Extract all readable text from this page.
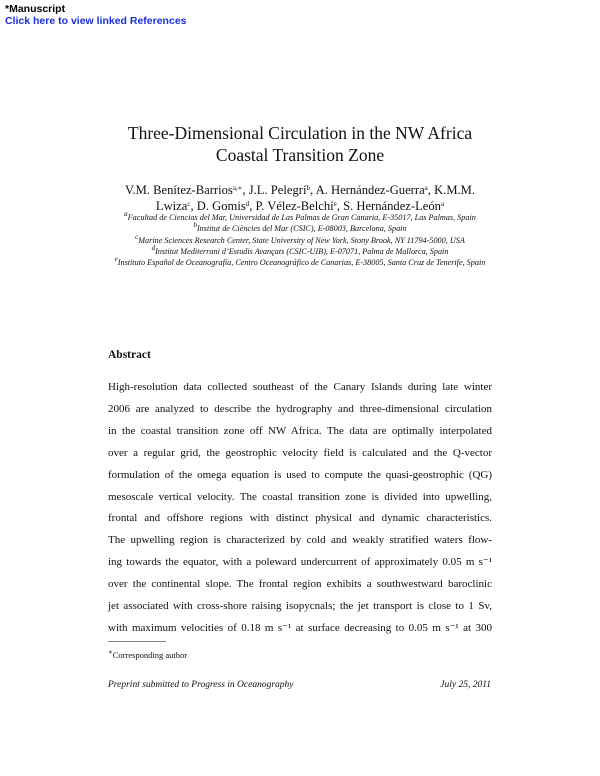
*Manuscript
Click here to view linked References
Three-Dimensional Circulation in the NW Africa
Coastal Transition Zone
V.M. Benítez-Barrios$^{a,∗}$, J.L. Pelegrí$^b$, A. Hernández-Guerra$^a$, K.M.M. Lwiza$^c$, D. Gomis$^d$, P. Vélez-Belchí$^e$, S. Hernández-León$^a$

$^a$Facultad de Ciencias del Mar, Universidad de Las Palmas de Gran Canaria, E-35017, Las Palmas, Spain

$^b$Institut de Ciències del Mar (CSIC), E-08003, Barcelona, Spain

$^c$Marine Sciences Research Center, State University of New York, Stony Brook, NY 11794-5000, USA

$^d$Institut Mediterrani d’Estudis Avançats (CSIC-UIB), E-07071, Palma de Mallorca, Spain

$^e$Instituto Español de Oceanografía, Centro Oceanográfico de Canarias, E-38005, Santa Cruz de Tenerife, Spain

Abstract
High-resolution data collected southeast of the Canary Islands during late winter
2006 are analyzed to describe the hydrography and three-dimensional circulation
in the coastal transition zone off NW Africa. The data are optimally interpolated
over a regular grid, the geostrophic velocity field is calculated and the Q-vector
formulation of the omega equation is used to compute the quasi-geostrophic (QG)
mesoscale vertical velocity. The coastal transition zone is divided into upwelling,
frontal and offshore regions with distinct physical and dynamic characteristics.
The upwelling region is characterized by cold and weakly stratified waters flow-
ing towards the equator, with a poleward undercurrent of approximately 0.05 m s⁻¹
over the continental slope. The frontal region exhibits a southwestward baroclinic
jet associated with cross-shore raising isopycnals; the jet transport is close to 1 Sv,
with maximum velocities of 0.18 m s⁻¹ at surface decreasing to 0.05 m s⁻¹ at 300
∗Corresponding author
Preprint submitted to Progress in Oceanography	July 25, 2011
